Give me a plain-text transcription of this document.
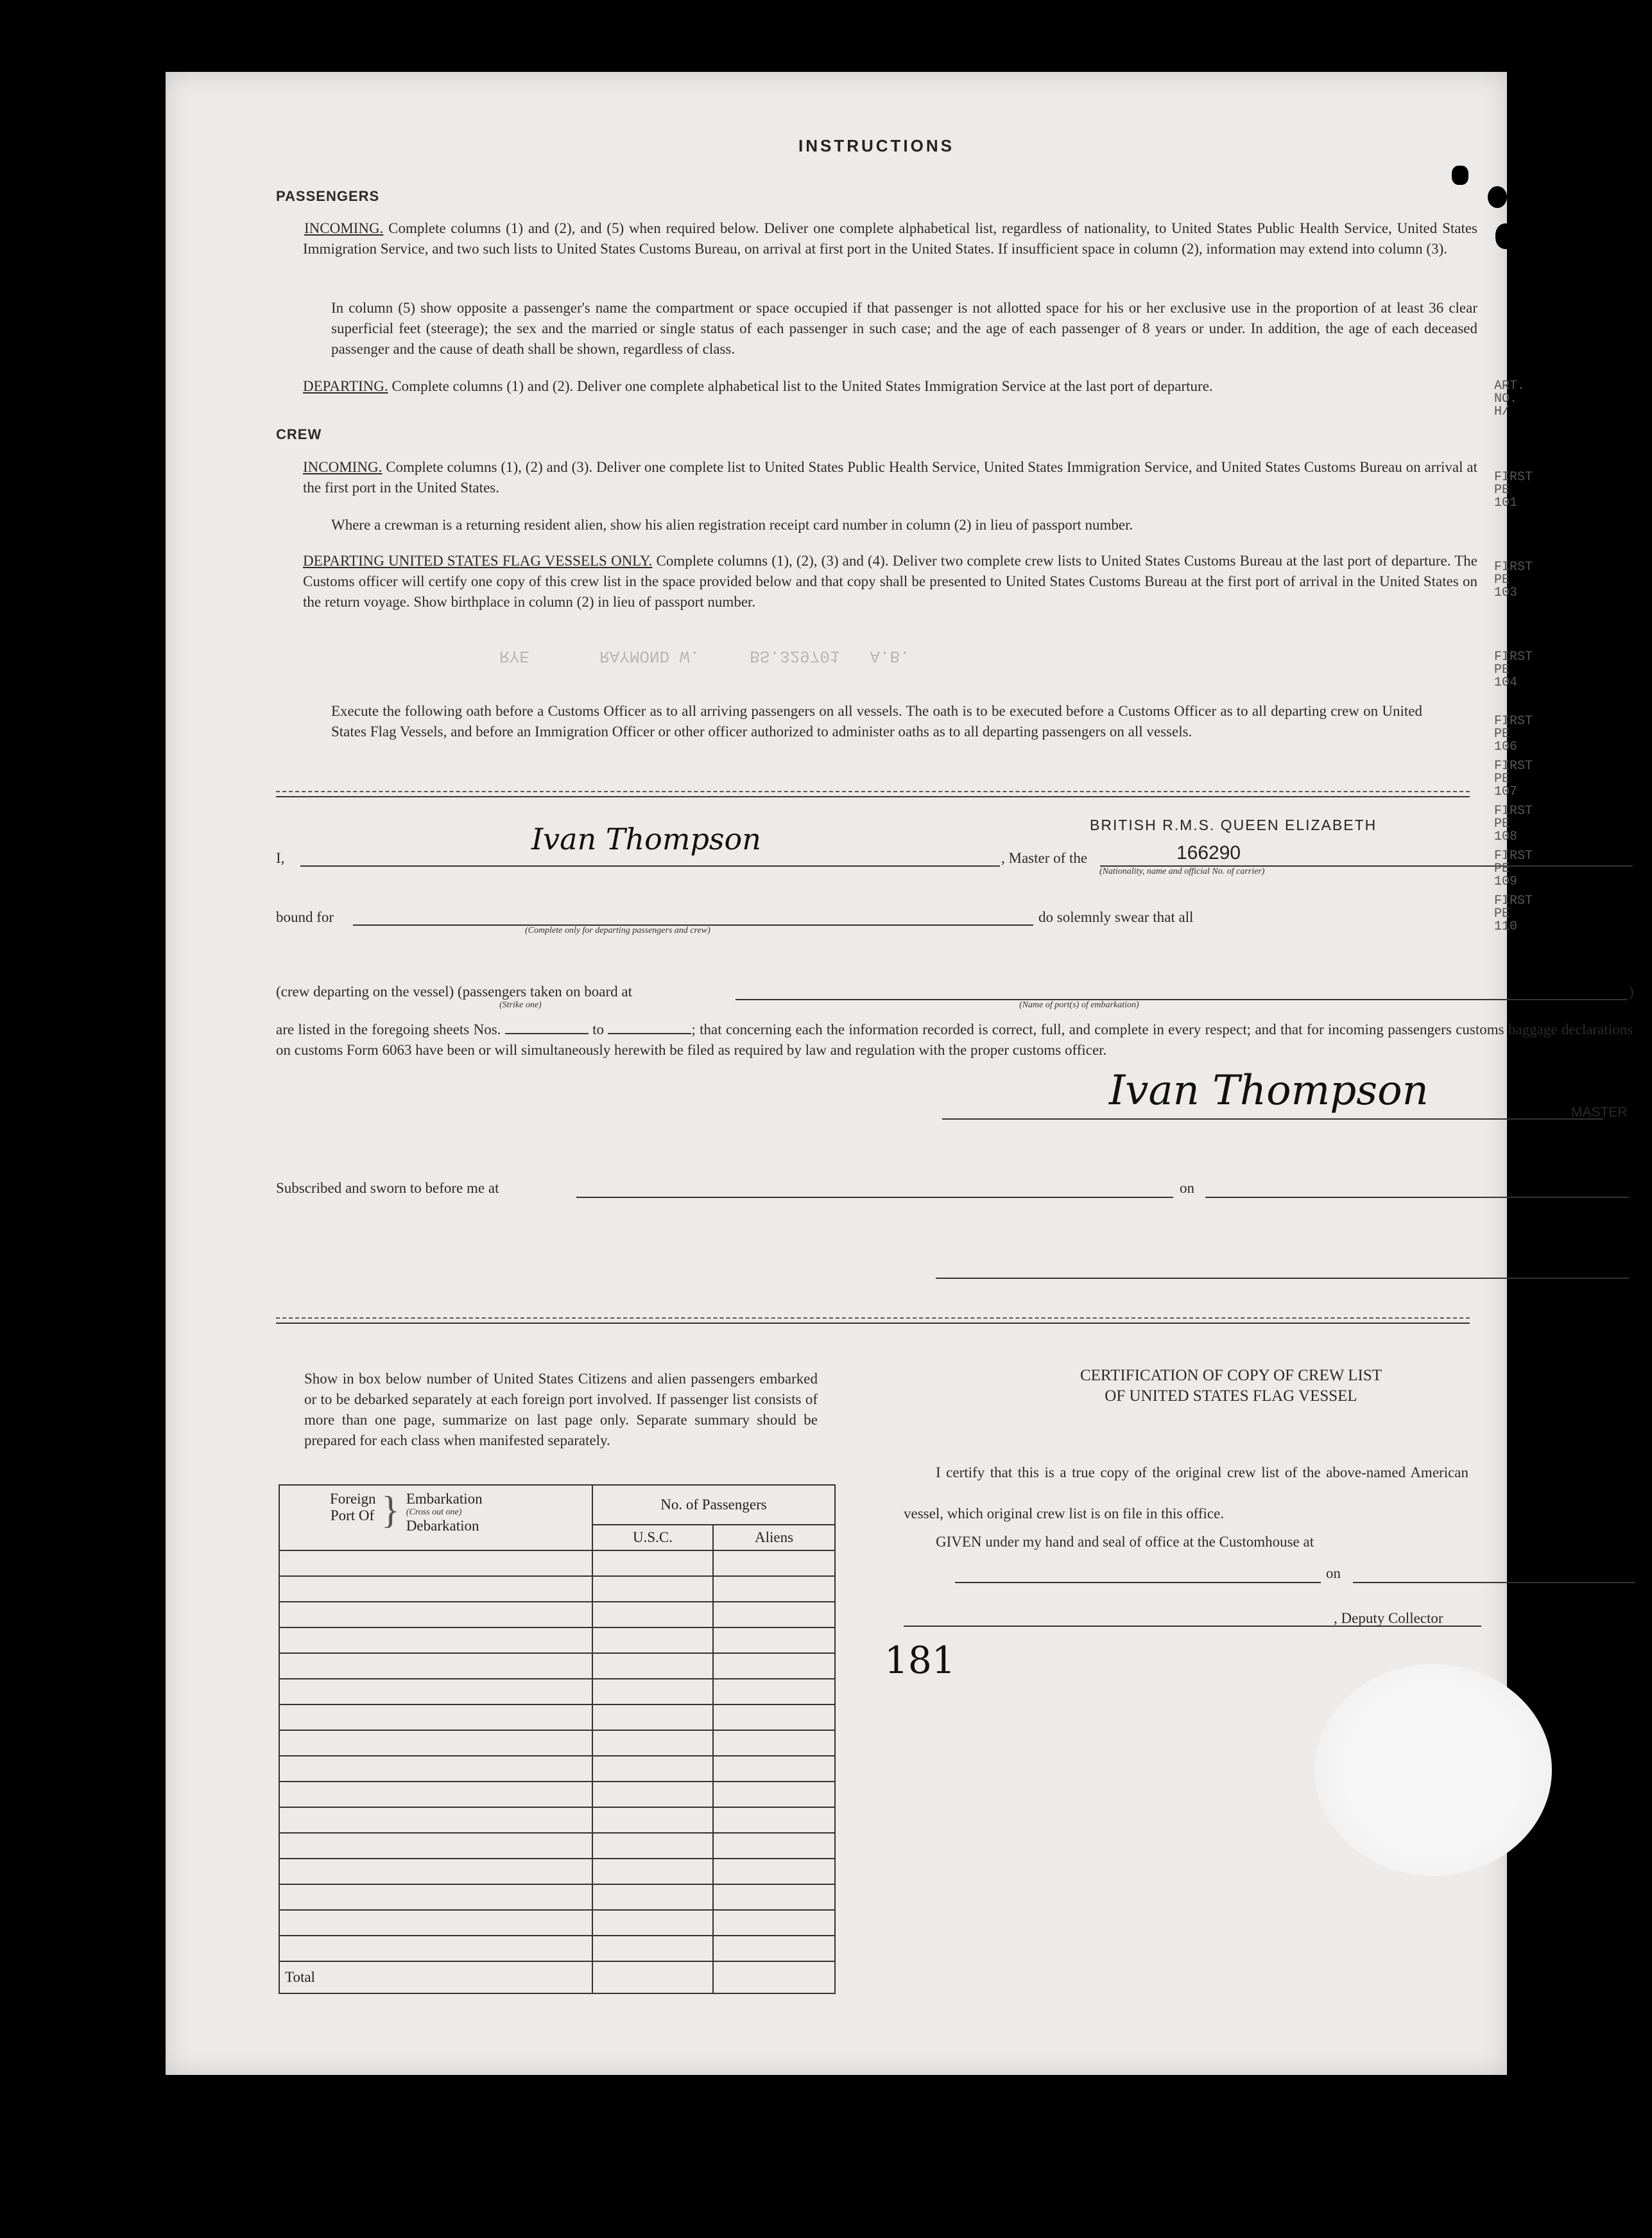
INSTRUCTIONS
PASSENGERS
INCOMING. Complete columns (1) and (2), and (5) when required below. Deliver one complete alphabetical list, regardless of nationality, to United States Public Health Service, United States Immigration Service, and two such lists to United States Customs Bureau, on arrival at first port in the United States. If insufficient space in column (2), information may extend into column (3).
In column (5) show opposite a passenger's name the compartment or space occupied if that passenger is not allotted space for his or her exclusive use in the proportion of at least 36 clear superficial feet (steerage); the sex and the married or single status of each passenger in such case; and the age of each passenger of 8 years or under. In addition, the age of each deceased passenger and the cause of death shall be shown, regardless of class.
DEPARTING. Complete columns (1) and (2). Deliver one complete alphabetical list to the United States Immigration Service at the last port of departure.
CREW
INCOMING. Complete columns (1), (2) and (3). Deliver one complete list to United States Public Health Service, United States Immigration Service, and United States Customs Bureau on arrival at the first port in the United States.
Where a crewman is a returning resident alien, show his alien registration receipt card number in column (2) in lieu of passport number.
DEPARTING UNITED STATES FLAG VESSELS ONLY. Complete columns (1), (2), (3) and (4). Deliver two complete crew lists to United States Customs Bureau at the last port of departure. The Customs officer will certify one copy of this crew list in the space provided below and that copy shall be presented to United States Customs Bureau at the first port of arrival in the United States on the return voyage. Show birthplace in column (2) in lieu of passport number.
RYE       RAYMOND W.     BS.329701   A.B.
Execute the following oath before a Customs Officer as to all arriving passengers on all vessels. The oath is to be executed before a Customs Officer as to all departing crew on United States Flag Vessels, and before an Immigration Officer or other officer authorized to administer oaths as to all departing passengers on all vessels.
I,
Ivan Thompson
, Master of the
BRITISH R.M.S. QUEEN ELIZABETH
166290
(Nationality, name and official No. of carrier)
bound for
(Complete only for departing passengers and crew)
do solemnly swear that all
(crew departing on the vessel) (passengers taken on board at
(Strike one)	(Name of port(s) of embarkation)
)
are listed in the foregoing sheets Nos.	to	; that concerning each the information recorded is correct, full, and complete in every respect; and that for incoming passengers customs baggage declarations on customs Form 6063 have been or will simultaneously herewith be filed as required by law and regulation with the proper customs officer.
Ivan Thompson	MASTER
Subscribed and sworn to before me at	on
Show in box below number of United States Citizens and alien passengers embarked or to be debarked separately at each foreign port involved. If passenger list consists of more than one page, summarize on last page only. Separate summary should be prepared for each class when manifested separately.
Foreign Port Of } Embarkation
(Cross out one)
Debarkation	No. of Passengers	
	U.S.C.	Aliens

Total		
CERTIFICATION OF COPY OF CREW LIST
OF UNITED STATES FLAG VESSEL
I certify that this is a true copy of the original crew list of the above-named American vessel, which original crew list is on file in this office.
GIVEN under my hand and seal of office at the Customhouse at
on
, Deputy Collector
181
ART.
NO.
H/
FIRST
PE
101
FIRST
PE
103
FIRST
PE
104
FIRST
PE
106
FIRST
PE
107
FIRST
PE
108
FIRST
PE
109
FIRST
PE
110
